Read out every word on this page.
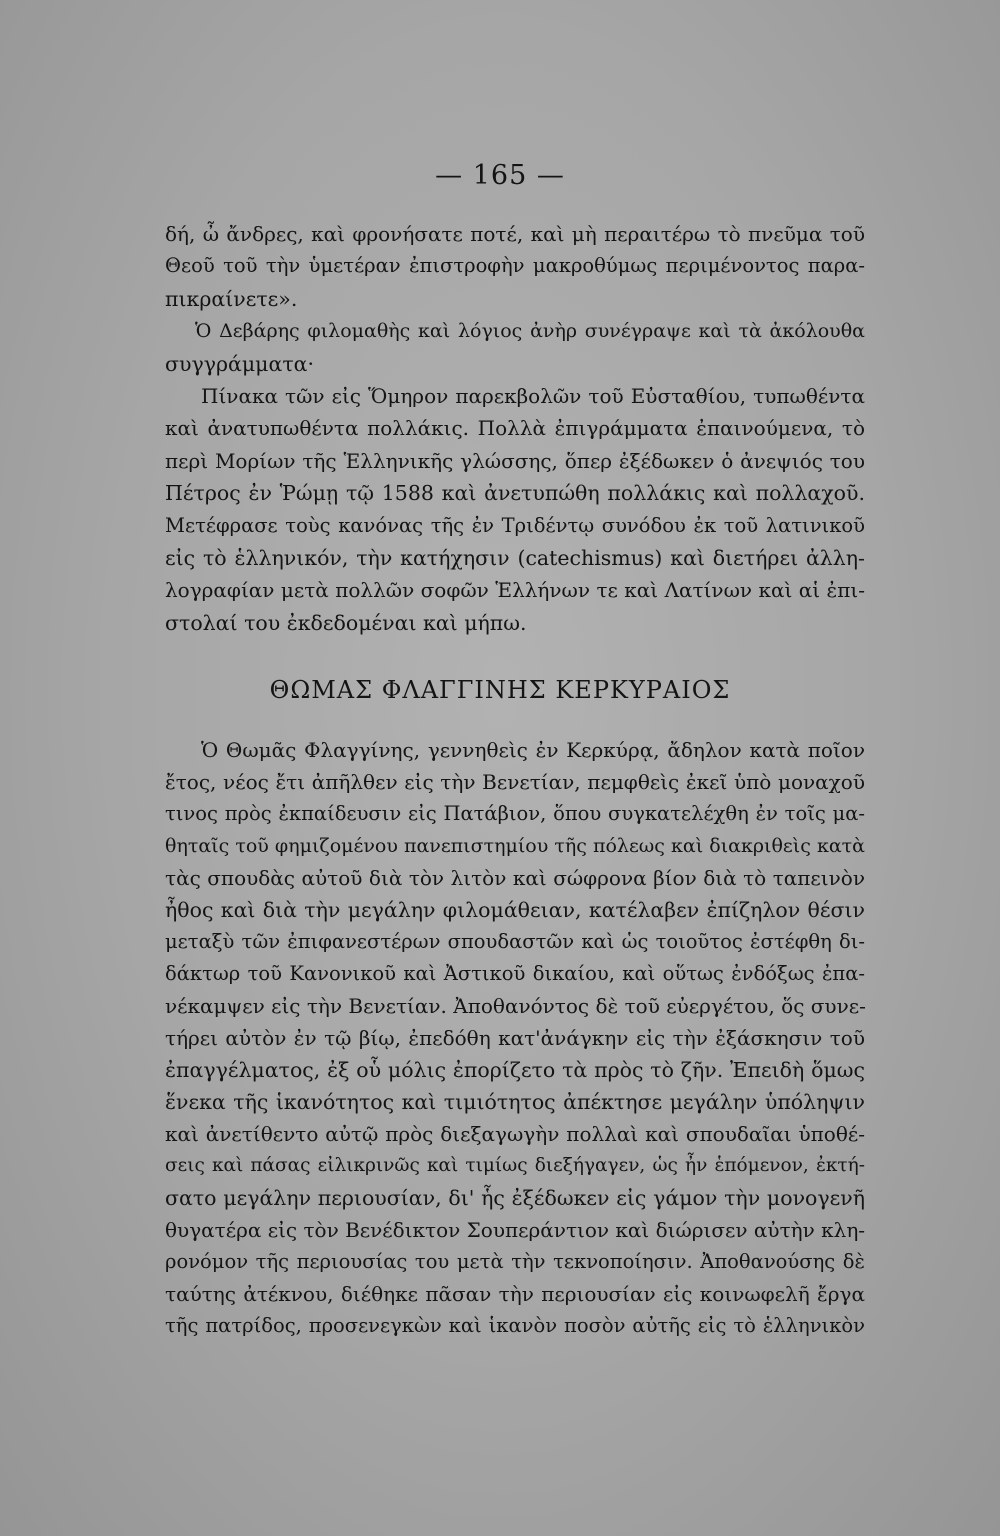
— 165 —
δή, ὦ ἄνδρες, καὶ φρονήσατε ποτέ, καὶ μὴ περαιτέρω τὸ πνεῦμα τοῦ
Θεοῦ τοῦ τὴν ὑμετέραν ἐπιστροφὴν μακροθύμως περιμένοντος παρα-
πικραίνετε».
Ὁ Δεβάρης φιλομαθὴς καὶ λόγιος ἀνὴρ συνέγραψε καὶ τὰ ἀκόλουθα
συγγράμματα·
Πίνακα τῶν εἰς Ὅμηρον παρεκβολῶν τοῦ Εὐσταθίου, τυπωθέντα
καὶ ἀνατυπωθέντα πολλάκις. Πολλὰ ἐπιγράμματα ἐπαινούμενα, τὸ
περὶ Μορίων τῆς Ἑλληνικῆς γλώσσης, ὅπερ ἐξέδωκεν ὁ ἀνεψιός του
Πέτρος ἐν Ῥώμῃ τῷ 1588 καὶ ἀνετυπώθη πολλάκις καὶ πολλαχοῦ.
Μετέφρασε τοὺς κανόνας τῆς ἐν Τριδέντῳ συνόδου ἐκ τοῦ λατινικοῦ
εἰς τὸ ἑλληνικόν, τὴν κατήχησιν (catechismus) καὶ διετήρει ἀλλη-
λογραφίαν μετὰ πολλῶν σοφῶν Ἑλλήνων τε καὶ Λατίνων καὶ αἱ ἐπι-
στολαί του ἐκδεδομέναι καὶ μήπω.
ΘΩΜΑΣ ΦΛΑΓΓΙΝΗΣ ΚΕΡΚΥΡΑΙΟΣ
Ὁ Θωμᾶς Φλαγγίνης, γεννηθεὶς ἐν Κερκύρᾳ, ἄδηλον κατὰ ποῖον
ἔτος, νέος ἔτι ἀπῆλθεν εἰς τὴν Βενετίαν, πεμφθεὶς ἐκεῖ ὑπὸ μοναχοῦ
τινος πρὸς ἐκπαίδευσιν εἰς Πατάβιον, ὅπου συγκατελέχθη ἐν τοῖς μα-
θηταῖς τοῦ φημιζομένου πανεπιστημίου τῆς πόλεως καὶ διακριθεὶς κατὰ
τὰς σπουδὰς αὐτοῦ διὰ τὸν λιτὸν καὶ σώφρονα βίον διὰ τὸ ταπεινὸν
ἦθος καὶ διὰ τὴν μεγάλην φιλομάθειαν, κατέλαβεν ἐπίζηλον θέσιν
μεταξὺ τῶν ἐπιφανεστέρων σπουδαστῶν καὶ ὡς τοιοῦτος ἐστέφθη δι-
δάκτωρ τοῦ Κανονικοῦ καὶ Ἀστικοῦ δικαίου, καὶ οὕτως ἐνδόξως ἐπα-
νέκαμψεν εἰς τὴν Βενετίαν. Ἀποθανόντος δὲ τοῦ εὐεργέτου, ὅς συνε-
τήρει αὐτὸν ἐν τῷ βίῳ, ἐπεδόθη κατ'ἀνάγκην εἰς τὴν ἐξάσκησιν τοῦ
ἐπαγγέλματος, ἐξ οὗ μόλις ἐπορίζετο τὰ πρὸς τὸ ζῆν. Ἐπειδὴ ὅμως
ἕνεκα τῆς ἱκανότητος καὶ τιμιότητος ἀπέκτησε μεγάλην ὑπόληψιν
καὶ ἀνετίθεντο αὐτῷ πρὸς διεξαγωγὴν πολλαὶ καὶ σπουδαῖαι ὑποθέ-
σεις καὶ πάσας εἰλικρινῶς καὶ τιμίως διεξήγαγεν, ὡς ἦν ἑπόμενον, ἐκτή-
σατο μεγάλην περιουσίαν, δι' ἧς ἐξέδωκεν εἰς γάμον τὴν μονογενῆ
θυγατέρα εἰς τὸν Βενέδικτον Σουπεράντιον καὶ διώρισεν αὐτὴν κλη-
ρονόμον τῆς περιουσίας του μετὰ τὴν τεκνοποίησιν. Ἀποθανούσης δὲ
ταύτης ἀτέκνου, διέθηκε πᾶσαν τὴν περιουσίαν εἰς κοινωφελῆ ἔργα
τῆς πατρίδος, προσενεγκὼν καὶ ἱκανὸν ποσὸν αὐτῆς εἰς τὸ ἑλληνικὸν
